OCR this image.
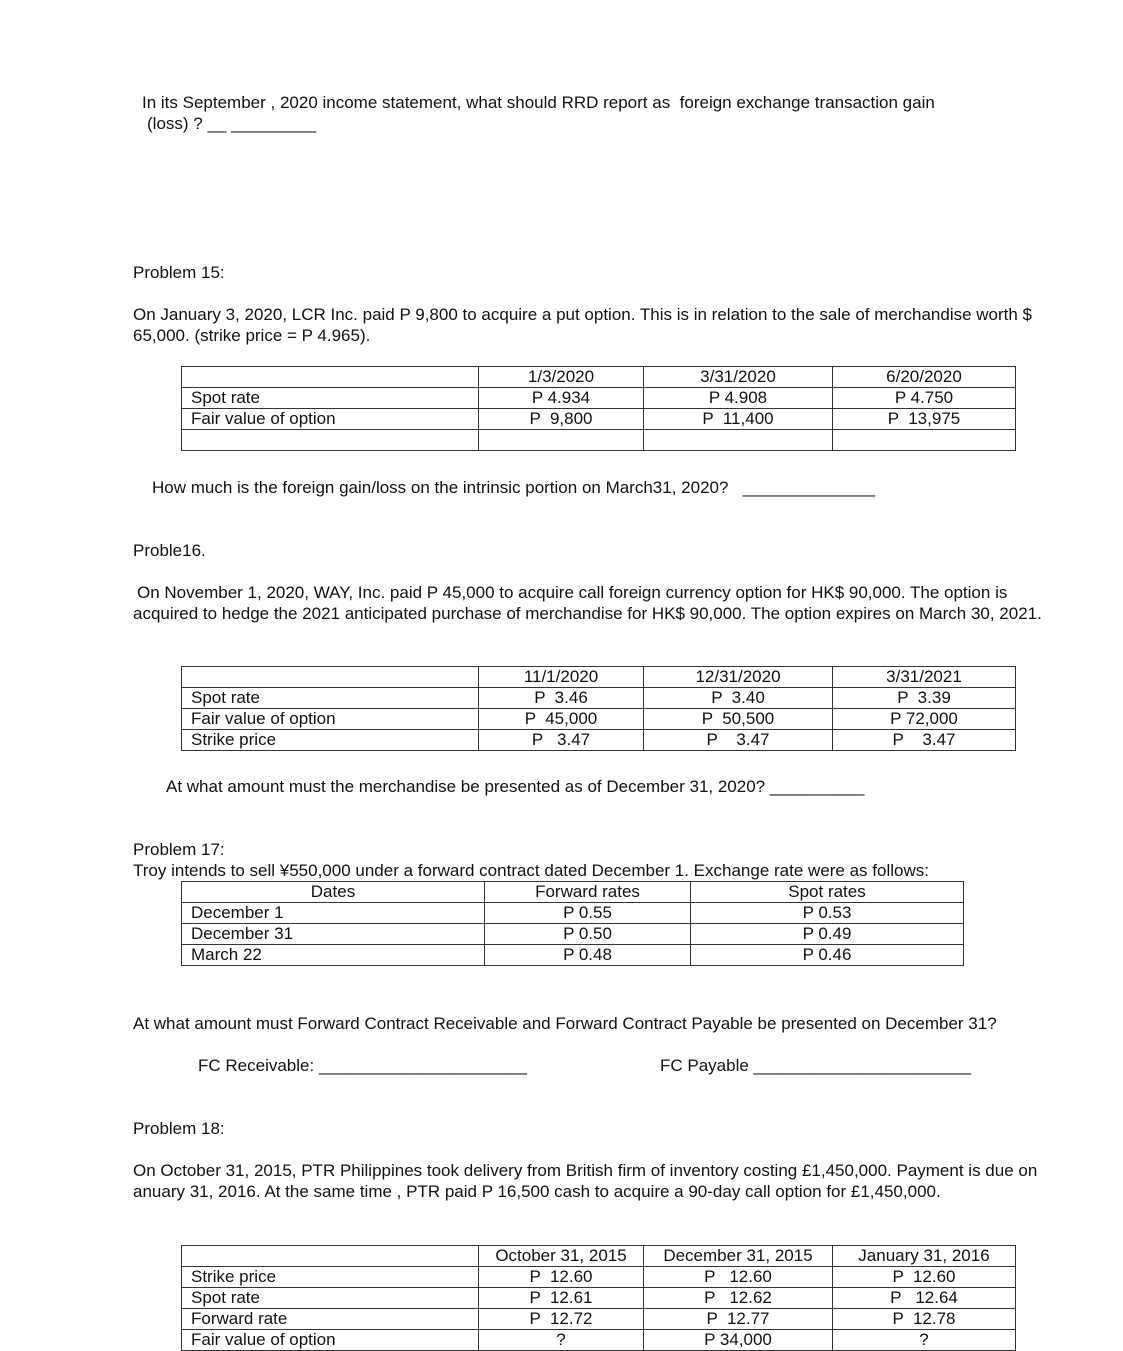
In its September , 2020 income statement, what should RRD report as  foreign exchange transaction gain
(loss) ? __ _________
Problem 15:
On January 3, 2020, LCR Inc. paid P 9,800 to acquire a put option. This is in relation to the sale of merchandise worth $ 65,000. (strike price = P 4.965).
	1/3/2020	3/31/2020	6/20/2020
Spot rate	P 4.934	P 4.908	P 4.750
Fair value of option	P  9,800	P  11,400	P  13,975

How much is the foreign gain/loss on the intrinsic portion on March31, 2020?   ______________
Proble16.
On November 1, 2020, WAY, Inc. paid P 45,000 to acquire call foreign currency option for HK$ 90,000. The option is acquired to hedge the 2021 anticipated purchase of merchandise for HK$ 90,000. The option expires on March 30, 2021.
	11/1/2020	12/31/2020	3/31/2021
Spot rate	P  3.46	P  3.40	P  3.39
Fair value of option	P  45,000	P  50,500	P 72,000
Strike price	P   3.47	P    3.47	P    3.47
At what amount must the merchandise be presented as of December 31, 2020? __________
Problem 17:
Troy intends to sell ¥550,000 under a forward contract dated December 1. Exchange rate were as follows:
Dates	Forward rates	Spot rates
December 1	P 0.55	P 0.53
December 31	P 0.50	P 0.49
March 22	P 0.48	P 0.46
At what amount must Forward Contract Receivable and Forward Contract Payable be presented on December 31?
FC Receivable: ______________________	FC Payable _______________________
Problem 18:
On October 31, 2015, PTR Philippines took delivery from British firm of inventory costing £1,450,000. Payment is due on anuary 31, 2016. At the same time , PTR paid P 16,500 cash to acquire a 90-day call option for £1,450,000.
	October 31, 2015	December 31, 2015	January 31, 2016
Strike price	P  12.60	P   12.60	P  12.60
Spot rate	P  12.61	P   12.62	P   12.64
Forward rate	P  12.72	P  12.77	P  12.78
Fair value of option	?	P 34,000	?
